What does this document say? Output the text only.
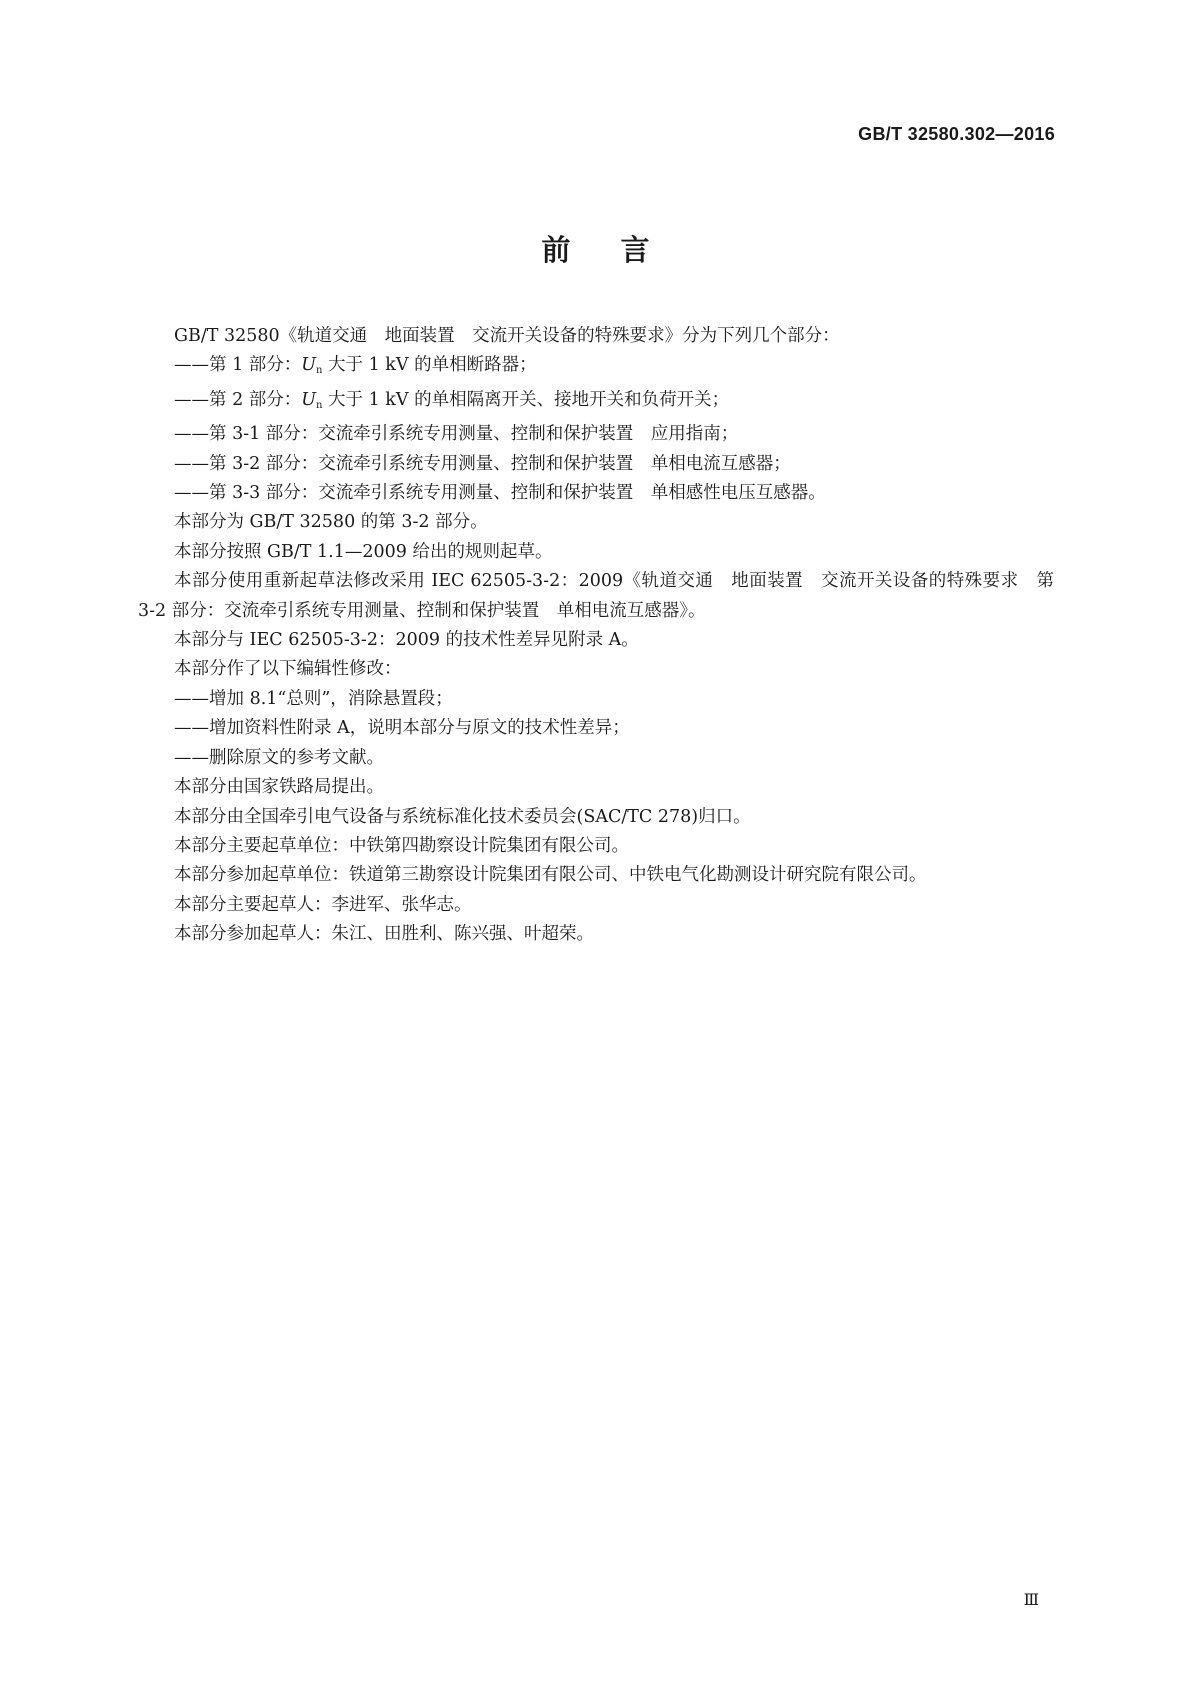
GB/T 32580.302—2016
前言

GB/T 32580《轨道交通　地面装置　交流开关设备的特殊要求》分为下列几个部分：

——第 1 部分：$U_n$ 大于 1 kV 的单相断路器；

——第 2 部分：$U_n$ 大于 1 kV 的单相隔离开关、接地开关和负荷开关；

——第 3-1 部分：交流牵引系统专用测量、控制和保护装置　应用指南；

——第 3-2 部分：交流牵引系统专用测量、控制和保护装置　单相电流互感器；

——第 3-3 部分：交流牵引系统专用测量、控制和保护装置　单相感性电压互感器。

本部分为 GB/T 32580 的第 3-2 部分。

本部分按照 GB/T 1.1—2009 给出的规则起草。

本部分使用重新起草法修改采用 IEC 62505-3-2：2009《轨道交通　地面装置　交流开关设备的特殊要求　第 3-2 部分：交流牵引系统专用测量、控制和保护装置　单相电流互感器》。

本部分与 IEC 62505-3-2：2009 的技术性差异见附录 A。

本部分作了以下编辑性修改：

——增加 8.1“总则”，消除悬置段；

——增加资料性附录 A，说明本部分与原文的技术性差异；

——删除原文的参考文献。

本部分由国家铁路局提出。

本部分由全国牵引电气设备与系统标准化技术委员会(SAC/TC 278)归口。

本部分主要起草单位：中铁第四勘察设计院集团有限公司。

本部分参加起草单位：铁道第三勘察设计院集团有限公司、中铁电气化勘测设计研究院有限公司。

本部分主要起草人：李进军、张华志。

本部分参加起草人：朱江、田胜利、陈兴强、叶超荣。

Ⅲ
